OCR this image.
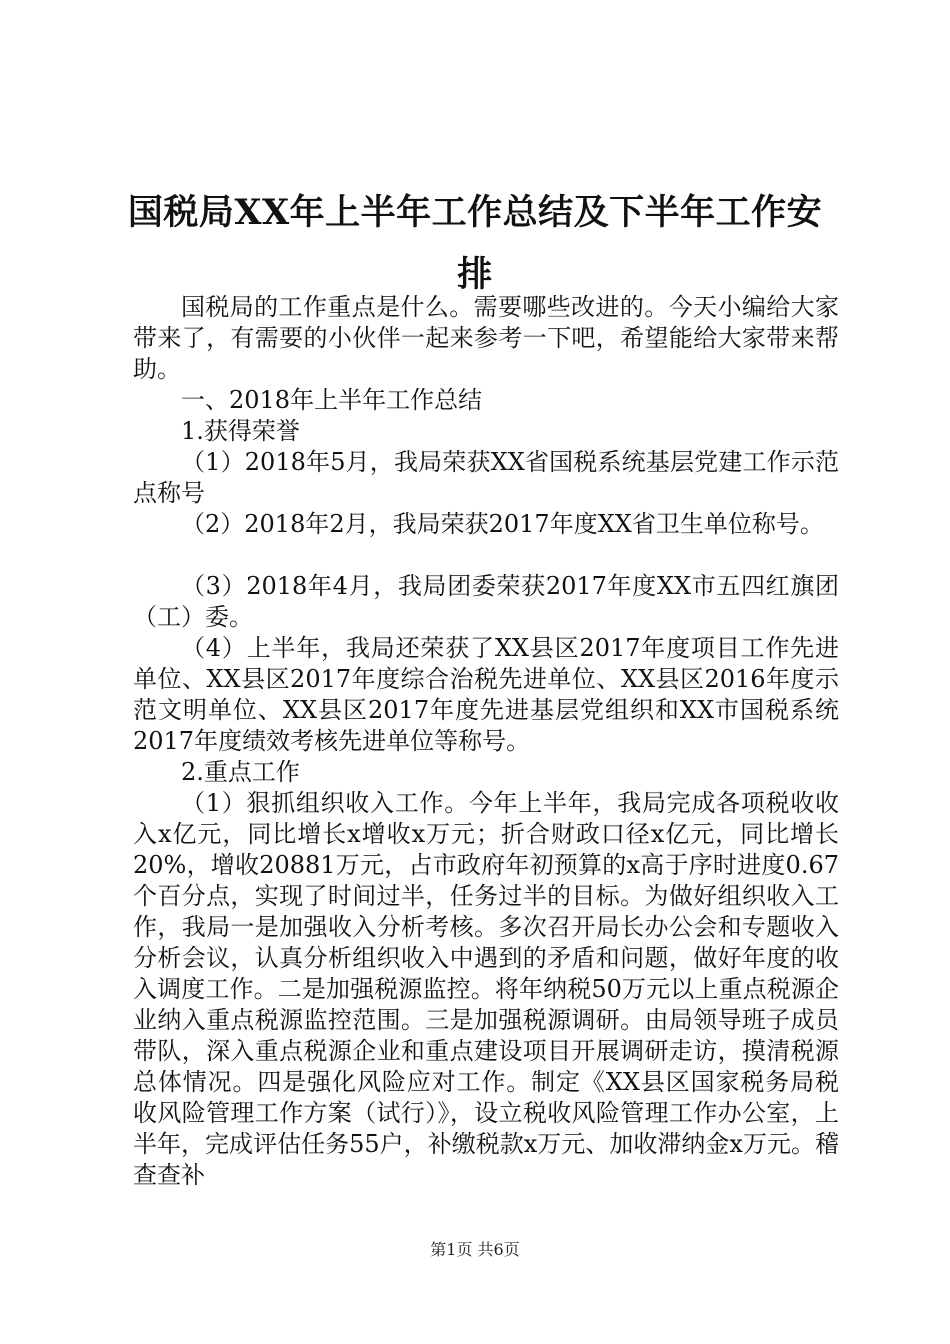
国税局XX年上半年工作总结及下半年工作安排

国税局的工作重点是什么。需要哪些改进的。今天小编给大家带来了，有需要的小伙伴一起来参考一下吧，希望能给大家带来帮助。

一、2018年上半年工作总结

1.获得荣誉

（1）2018年5月，我局荣获XX省国税系统基层党建工作示范点称号

（2）2018年2月，我局荣获2017年度XX省卫生单位称号。

（3）2018年4月，我局团委荣获2017年度XX市五四红旗团（工）委。

（4）上半年，我局还荣获了XX县区2017年度项目工作先进单位、XX县区2017年度综合治税先进单位、XX县区2016年度示范文明单位、XX县区2017年度先进基层党组织和XX市国税系统2017年度绩效考核先进单位等称号。

2.重点工作

（1）狠抓组织收入工作。今年上半年，我局完成各项税收收入x亿元，同比增长x增收x万元；折合财政口径x亿元，同比增长20%，增收20881万元，占市政府年初预算的x高于序时进度0.67个百分点，实现了时间过半，任务过半的目标。为做好组织收入工作，我局一是加强收入分析考核。多次召开局长办公会和专题收入分析会议，认真分析组织收入中遇到的矛盾和问题，做好年度的收入调度工作。二是加强税源监控。将年纳税50万元以上重点税源企业纳入重点税源监控范围。三是加强税源调研。由局领导班子成员带队，深入重点税源企业和重点建设项目开展调研走访，摸清税源总体情况。四是强化风险应对工作。制定《XX县区国家税务局税收风险管理工作方案（试行）》，设立税收风险管理工作办公室，上半年，完成评估任务55户，补缴税款x万元、加收滞纳金x万元。稽查查补

第1页 共6页
